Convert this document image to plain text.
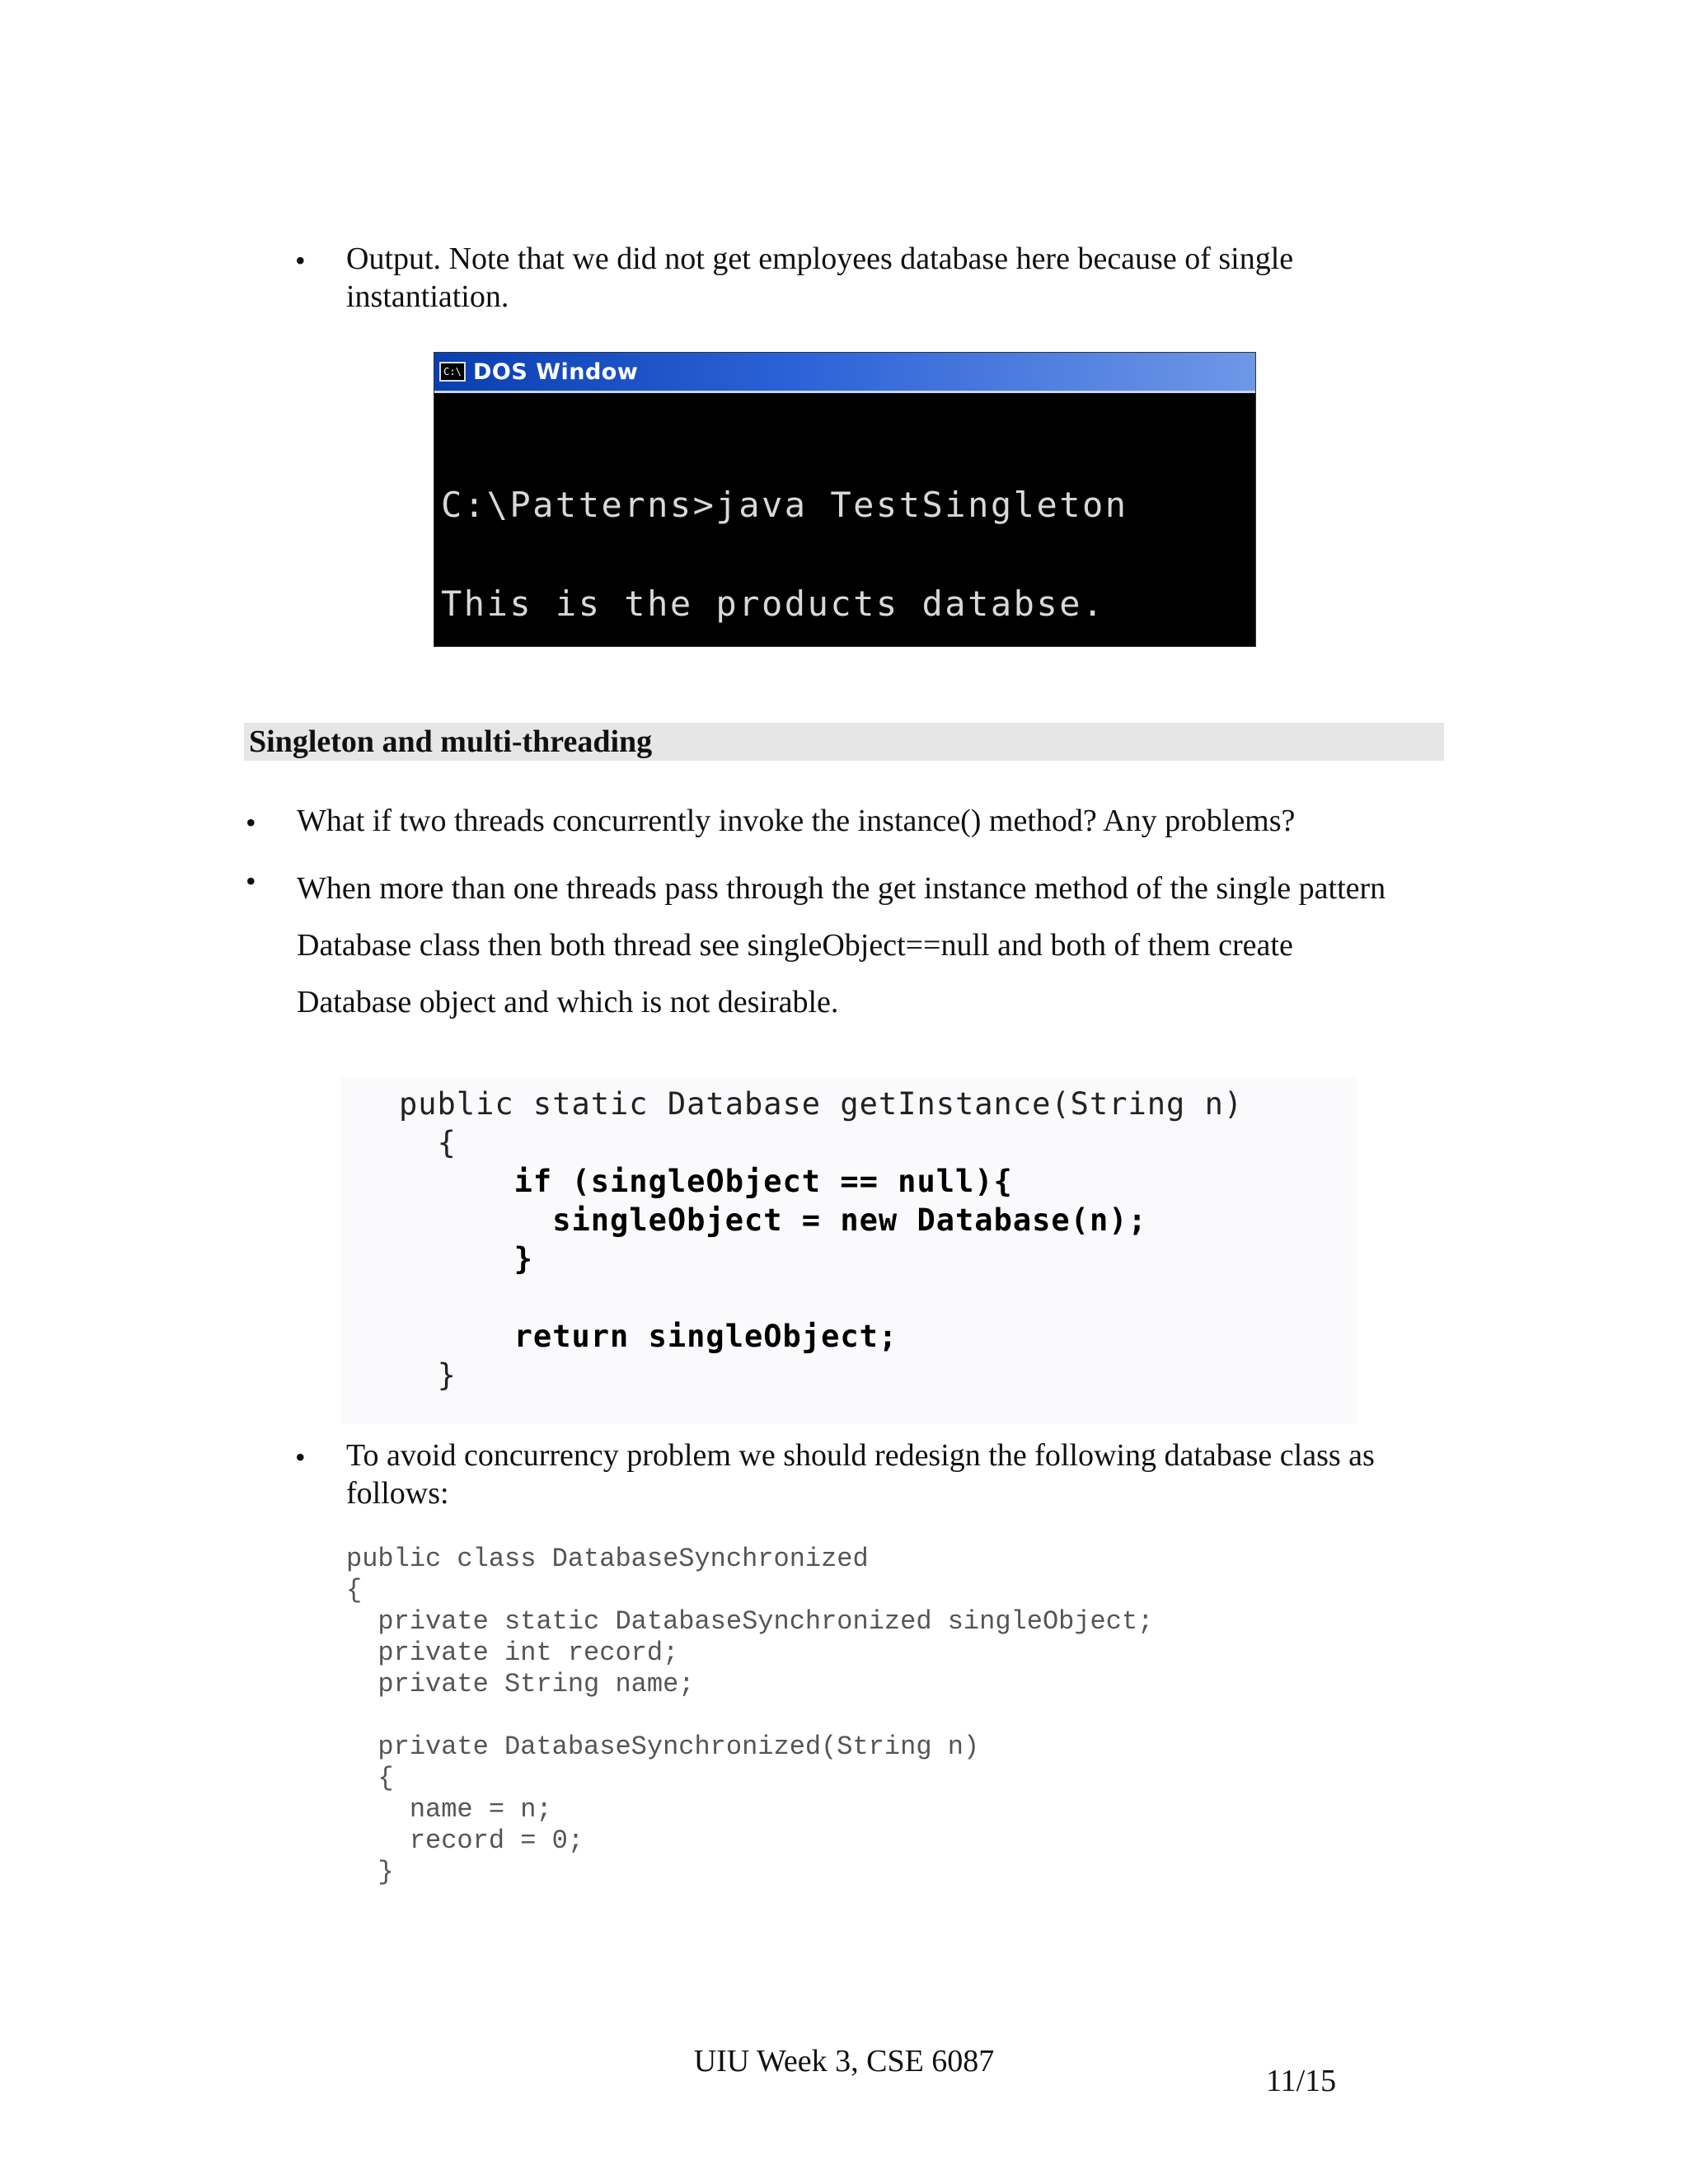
• Output. Note that we did not get employees database here because of single instantiation.
C:\ DOS Window

C:\Patterns>java TestSingleton

This is the products databse.

Singleton and multi-threading
• What if two threads concurrently invoke the instance() method? Any problems?
• When more than one threads pass through the get instance method of the single pattern Database class then both thread see singleObject==null and both of them create Database object and which is not desirable.
public static Database getInstance(String n)
{
if (singleObject == null){
singleObject = new Database(n);
}

return singleObject;
}
• To avoid concurrency problem we should redesign the following database class as follows:
public class DatabaseSynchronized
{
private static DatabaseSynchronized singleObject;
private int record;
private String name;

private DatabaseSynchronized(String n)
{
name = n;
record = 0;
}
UIU Week 3, CSE 6087
11/15
